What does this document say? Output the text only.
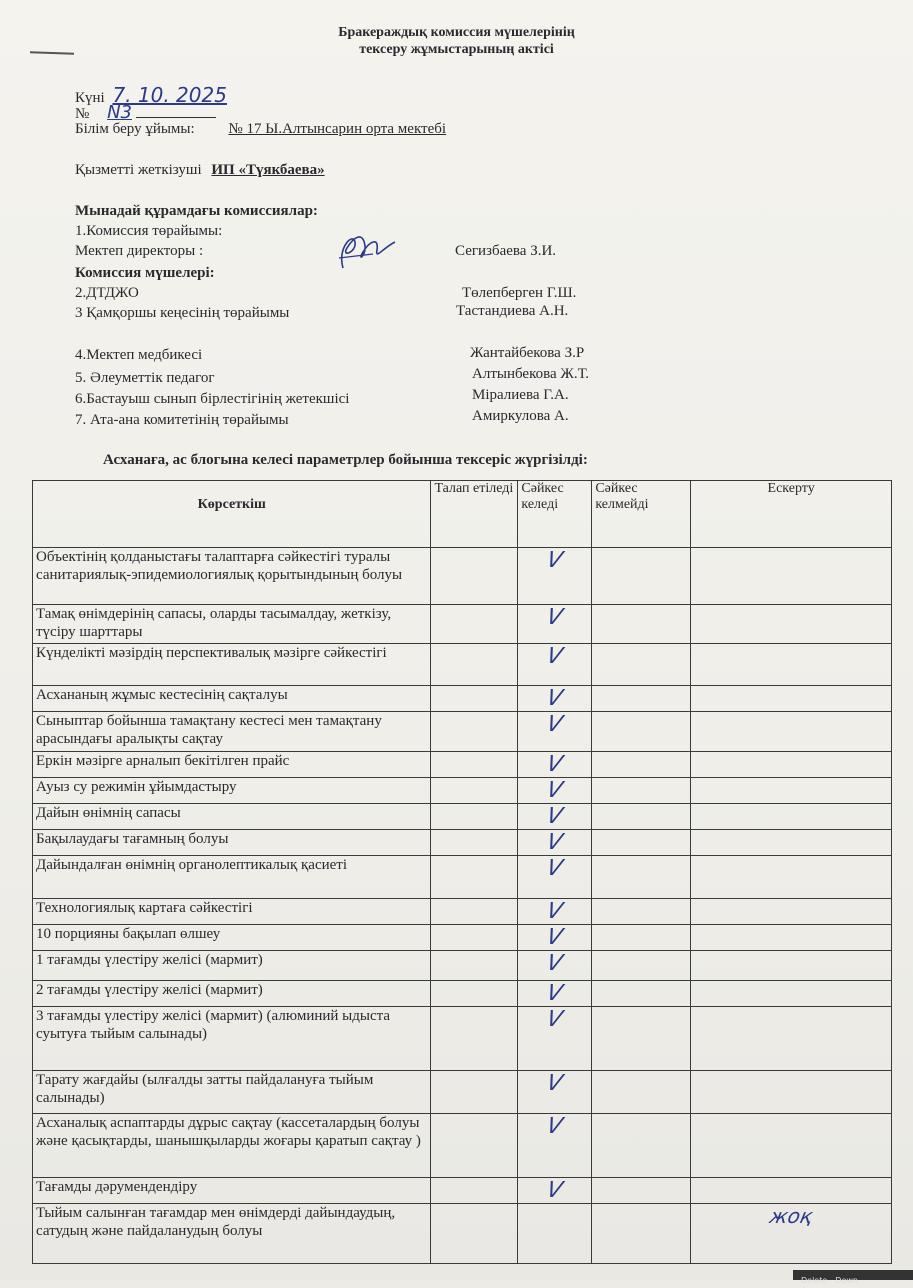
Бракераждық комиссия мүшелерінің
тексеру жұмыстарының актісі
Күні 7. 10. 2025
№ N3
Білім беру ұйымы: № 17 Ы.Алтынсарин орта мектебі
Қызметті жеткізуші ИП «Түякбаева»
Мынадай құрамдағы комиссиялар:
1.Комиссия төрайымы:
Мектеп директоры :	Сегизбаева З.И.
Комиссия мүшелері:
2.ДТДЖО	Төлепберген Г.Ш.
3 Қамқоршы кеңесінің төрайымы	Тастандиева А.Н.
4.Мектеп медбикесі	Жантайбекова З.Р
5. Әлеуметтік педагог	Алтынбекова Ж.Т.
6.Бастауыш сынып бірлестігінің жетекшісі	Міралиева Г.А.
7. Ата-ана комитетінің төрайымы	Амиркулова А.
Асханаға, ас блогына келесі параметрлер бойынша тексеріс жүргізілді:
Көрсеткіш	Талап етіледі	Сәйкес келеді	Сәйкес келмейді	Ескерту
Объектінің қолданыстағы талаптарға сәйкестігі туралы санитариялық-эпидемиологиялық қорытындының болуы		V		
Тамақ өнімдерінің сапасы, оларды тасымалдау, жеткізу, түсіру шарттары		V		
Күнделікті мәзірдің перспективалық мәзірге сәйкестігі		V		
Асхананың жұмыс кестесінің сақталуы		V		
Сыныптар бойынша тамақтану кестесі мен тамақтану арасындағы аралықты сақтау		V		
Еркін мәзірге арналып бекітілген прайс		V		
Ауыз су режимін ұйымдастыру		V		
Дайын өнімнің сапасы		V		
Бақылаудағы тағамның болуы		V		
Дайындалған өнімнің органолептикалық қасиеті		V		
Технологиялық картаға сәйкестігі		V		
10 порцияны бақылап өлшеу		V		
1 тағамды үлестіру желісі (мармит)		V		
2 тағамды үлестіру желісі (мармит)		V		
3 тағамды үлестіру желісі (мармит) (алюминий ыдыста суытуға тыйым салынады)		V		
Тарату жағдайы (ылғалды затты пайдалануға тыйым салынады)		V		
Асханалық аспаптарды дұрыс сақтау (кассеталардың болуы және қасықтарды, шанышқыларды жоғары қаратып сақтау )		V		
Тағамды дәрумендендіру		V		
Тыйым салынған тағамдар мен өнімдерді дайындаудың, сатудың және пайдаланудың болуы				жоқ
Delete Down
